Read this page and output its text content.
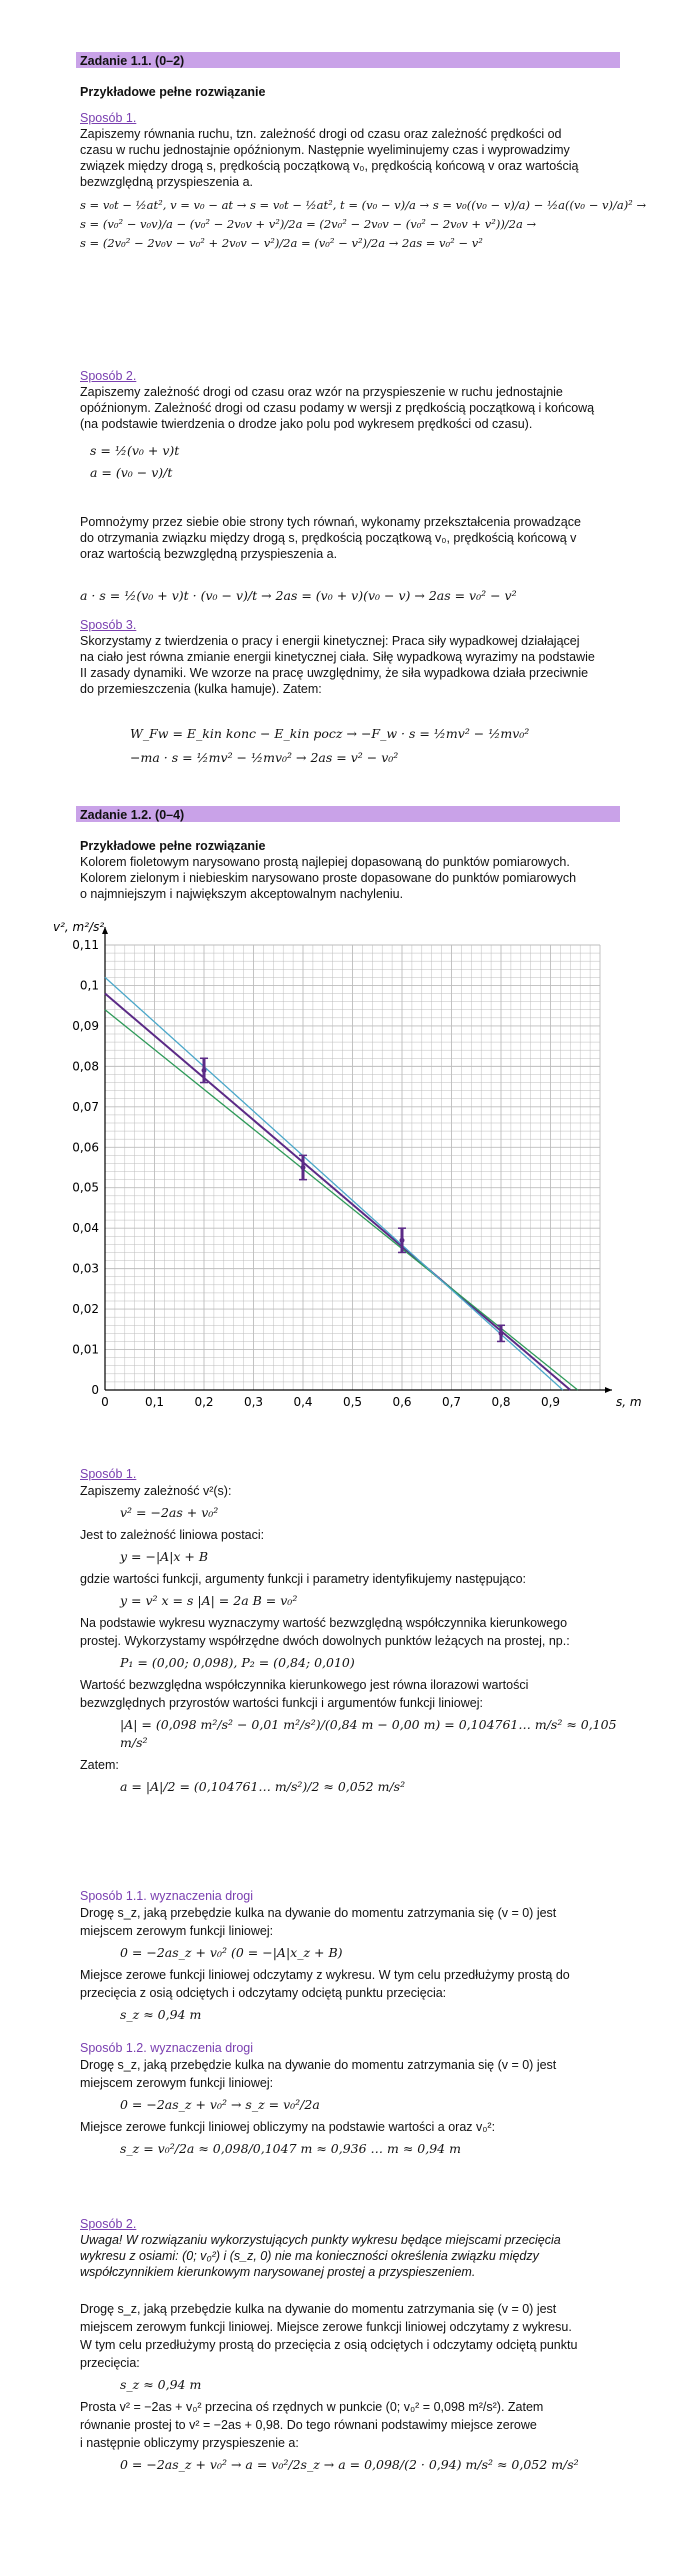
Zadanie 1.1. (0–2)
Przykładowe pełne rozwiązanie
Sposób 1.
Zapiszemy równania ruchu, tzn. zależność drogi od czasu oraz zależność prędkości od
czasu w ruchu jednostajnie opóźnionym. Następnie wyeliminujemy czas i wyprowadzimy
związek między drogą s, prędkością początkową v₀, prędkością końcową v oraz wartością
bezwzględną przyspieszenia a.
s = v₀t − ½at², v = v₀ − at → s = v₀t − ½at², t = (v₀ − v)/a → s = v₀((v₀ − v)/a) − ½a((v₀ − v)/a)² →
s = (v₀² − v₀v)/a − (v₀² − 2v₀v + v²)/2a = (2v₀² − 2v₀v − (v₀² − 2v₀v + v²))/2a →
s = (2v₀² − 2v₀v − v₀² + 2v₀v − v²)/2a = (v₀² − v²)/2a → 2as = v₀² − v²
Sposób 2.
Zapiszemy zależność drogi od czasu oraz wzór na przyspieszenie w ruchu jednostajnie
opóźnionym. Zależność drogi od czasu podamy w wersji z prędkością początkową i końcową
(na podstawie twierdzenia o drodze jako polu pod wykresem prędkości od czasu).
s = ½(v₀ + v)t
a = (v₀ − v)/t
Pomnożymy przez siebie obie strony tych równań, wykonamy przekształcenia prowadzące
do otrzymania związku między drogą s, prędkością początkową v₀, prędkością końcową v
oraz wartością bezwzględną przyspieszenia a.
a · s = ½(v₀ + v)t · (v₀ − v)/t → 2as = (v₀ + v)(v₀ − v) → 2as = v₀² − v²
Sposób 3.
Skorzystamy z twierdzenia o pracy i energii kinetycznej: Praca siły wypadkowej działającej
na ciało jest równa zmianie energii kinetycznej ciała. Siłę wypadkową wyrazimy na podstawie
II zasady dynamiki. We wzorze na pracę uwzględnimy, że siła wypadkowa działa przeciwnie
do przemieszczenia (kulka hamuje). Zatem:
W_Fw = E_kin konc − E_kin pocz → −F_w · s = ½mv² − ½mv₀²
−ma · s = ½mv² − ½mv₀² → 2as = v² − v₀²
Zadanie 1.2. (0–4)
Przykładowe pełne rozwiązanie
Kolorem fioletowym narysowano prostą najlepiej dopasowaną do punktów pomiarowych.
Kolorem zielonym i niebieskim narysowano proste dopasowane do punktów pomiarowych
o najmniejszym i największym akceptowalnym nachyleniu.
0	0,1	0,2	0,3	0,4	0,5	0,6	0,7	0,8	0,9
0
0,01
0,02
0,03
0,04
0,05
0,06
0,07
0,08
0,09
0,1
0,11
v², m²/s²
s, m
Sposób 1.
Zapiszemy zależność v²(s):
v² = −2as + v₀²
Jest to zależność liniowa postaci:
y = −|A|x + B
gdzie wartości funkcji, argumenty funkcji i parametry identyfikujemy następująco:
y = v² x = s |A| = 2a B = v₀²
Na podstawie wykresu wyznaczymy wartość bezwzględną współczynnika kierunkowego
prostej. Wykorzystamy współrzędne dwóch dowolnych punktów leżących na prostej, np.:
P₁ = (0,00; 0,098), P₂ = (0,84; 0,010)
Wartość bezwzględna współczynnika kierunkowego jest równa ilorazowi wartości
bezwzględnych przyrostów wartości funkcji i argumentów funkcji liniowej:
|A| = (0,098 m²/s² − 0,01 m²/s²)/(0,84 m − 0,00 m) = 0,104761… m/s² ≈ 0,105 m/s²
Zatem:
a = |A|/2 = (0,104761… m/s²)/2 ≈ 0,052 m/s²
Sposób 1.1. wyznaczenia drogi
Drogę s_z, jaką przebędzie kulka na dywanie do momentu zatrzymania się (v = 0) jest
miejscem zerowym funkcji liniowej:
0 = −2as_z + v₀² (0 = −|A|x_z + B)
Miejsce zerowe funkcji liniowej odczytamy z wykresu. W tym celu przedłużymy prostą do
przecięcia z osią odciętych i odczytamy odciętą punktu przecięcia:
s_z ≈ 0,94 m
Sposób 1.2. wyznaczenia drogi
Drogę s_z, jaką przebędzie kulka na dywanie do momentu zatrzymania się (v = 0) jest
miejscem zerowym funkcji liniowej:
0 = −2as_z + v₀² → s_z = v₀²/2a
Miejsce zerowe funkcji liniowej obliczymy na podstawie wartości a oraz v₀²:
s_z = v₀²/2a ≈ 0,098/0,1047 m ≈ 0,936 … m ≈ 0,94 m
Sposób 2.
Uwaga! W rozwiązaniu wykorzystujących punkty wykresu będące miejscami przecięcia
wykresu z osiami: (0; v₀²) i (s_z, 0) nie ma konieczności określenia związku między
współczynnikiem kierunkowym narysowanej prostej a przyspieszeniem.
Drogę s_z, jaką przebędzie kulka na dywanie do momentu zatrzymania się (v = 0) jest
miejscem zerowym funkcji liniowej. Miejsce zerowe funkcji liniowej odczytamy z wykresu.
W tym celu przedłużymy prostą do przecięcia z osią odciętych i odczytamy odciętą punktu
przecięcia:
s_z ≈ 0,94 m
Prosta v² = −2as + v₀² przecina oś rzędnych w punkcie (0; v₀² = 0,098 m²/s²). Zatem
równanie prostej to v² = −2as + 0,98. Do tego równani podstawimy miejsce zerowe
i następnie obliczymy przyspieszenie a:
0 = −2as_z + v₀² → a = v₀²/2s_z → a = 0,098/(2 · 0,94) m/s² ≈ 0,052 m/s²
